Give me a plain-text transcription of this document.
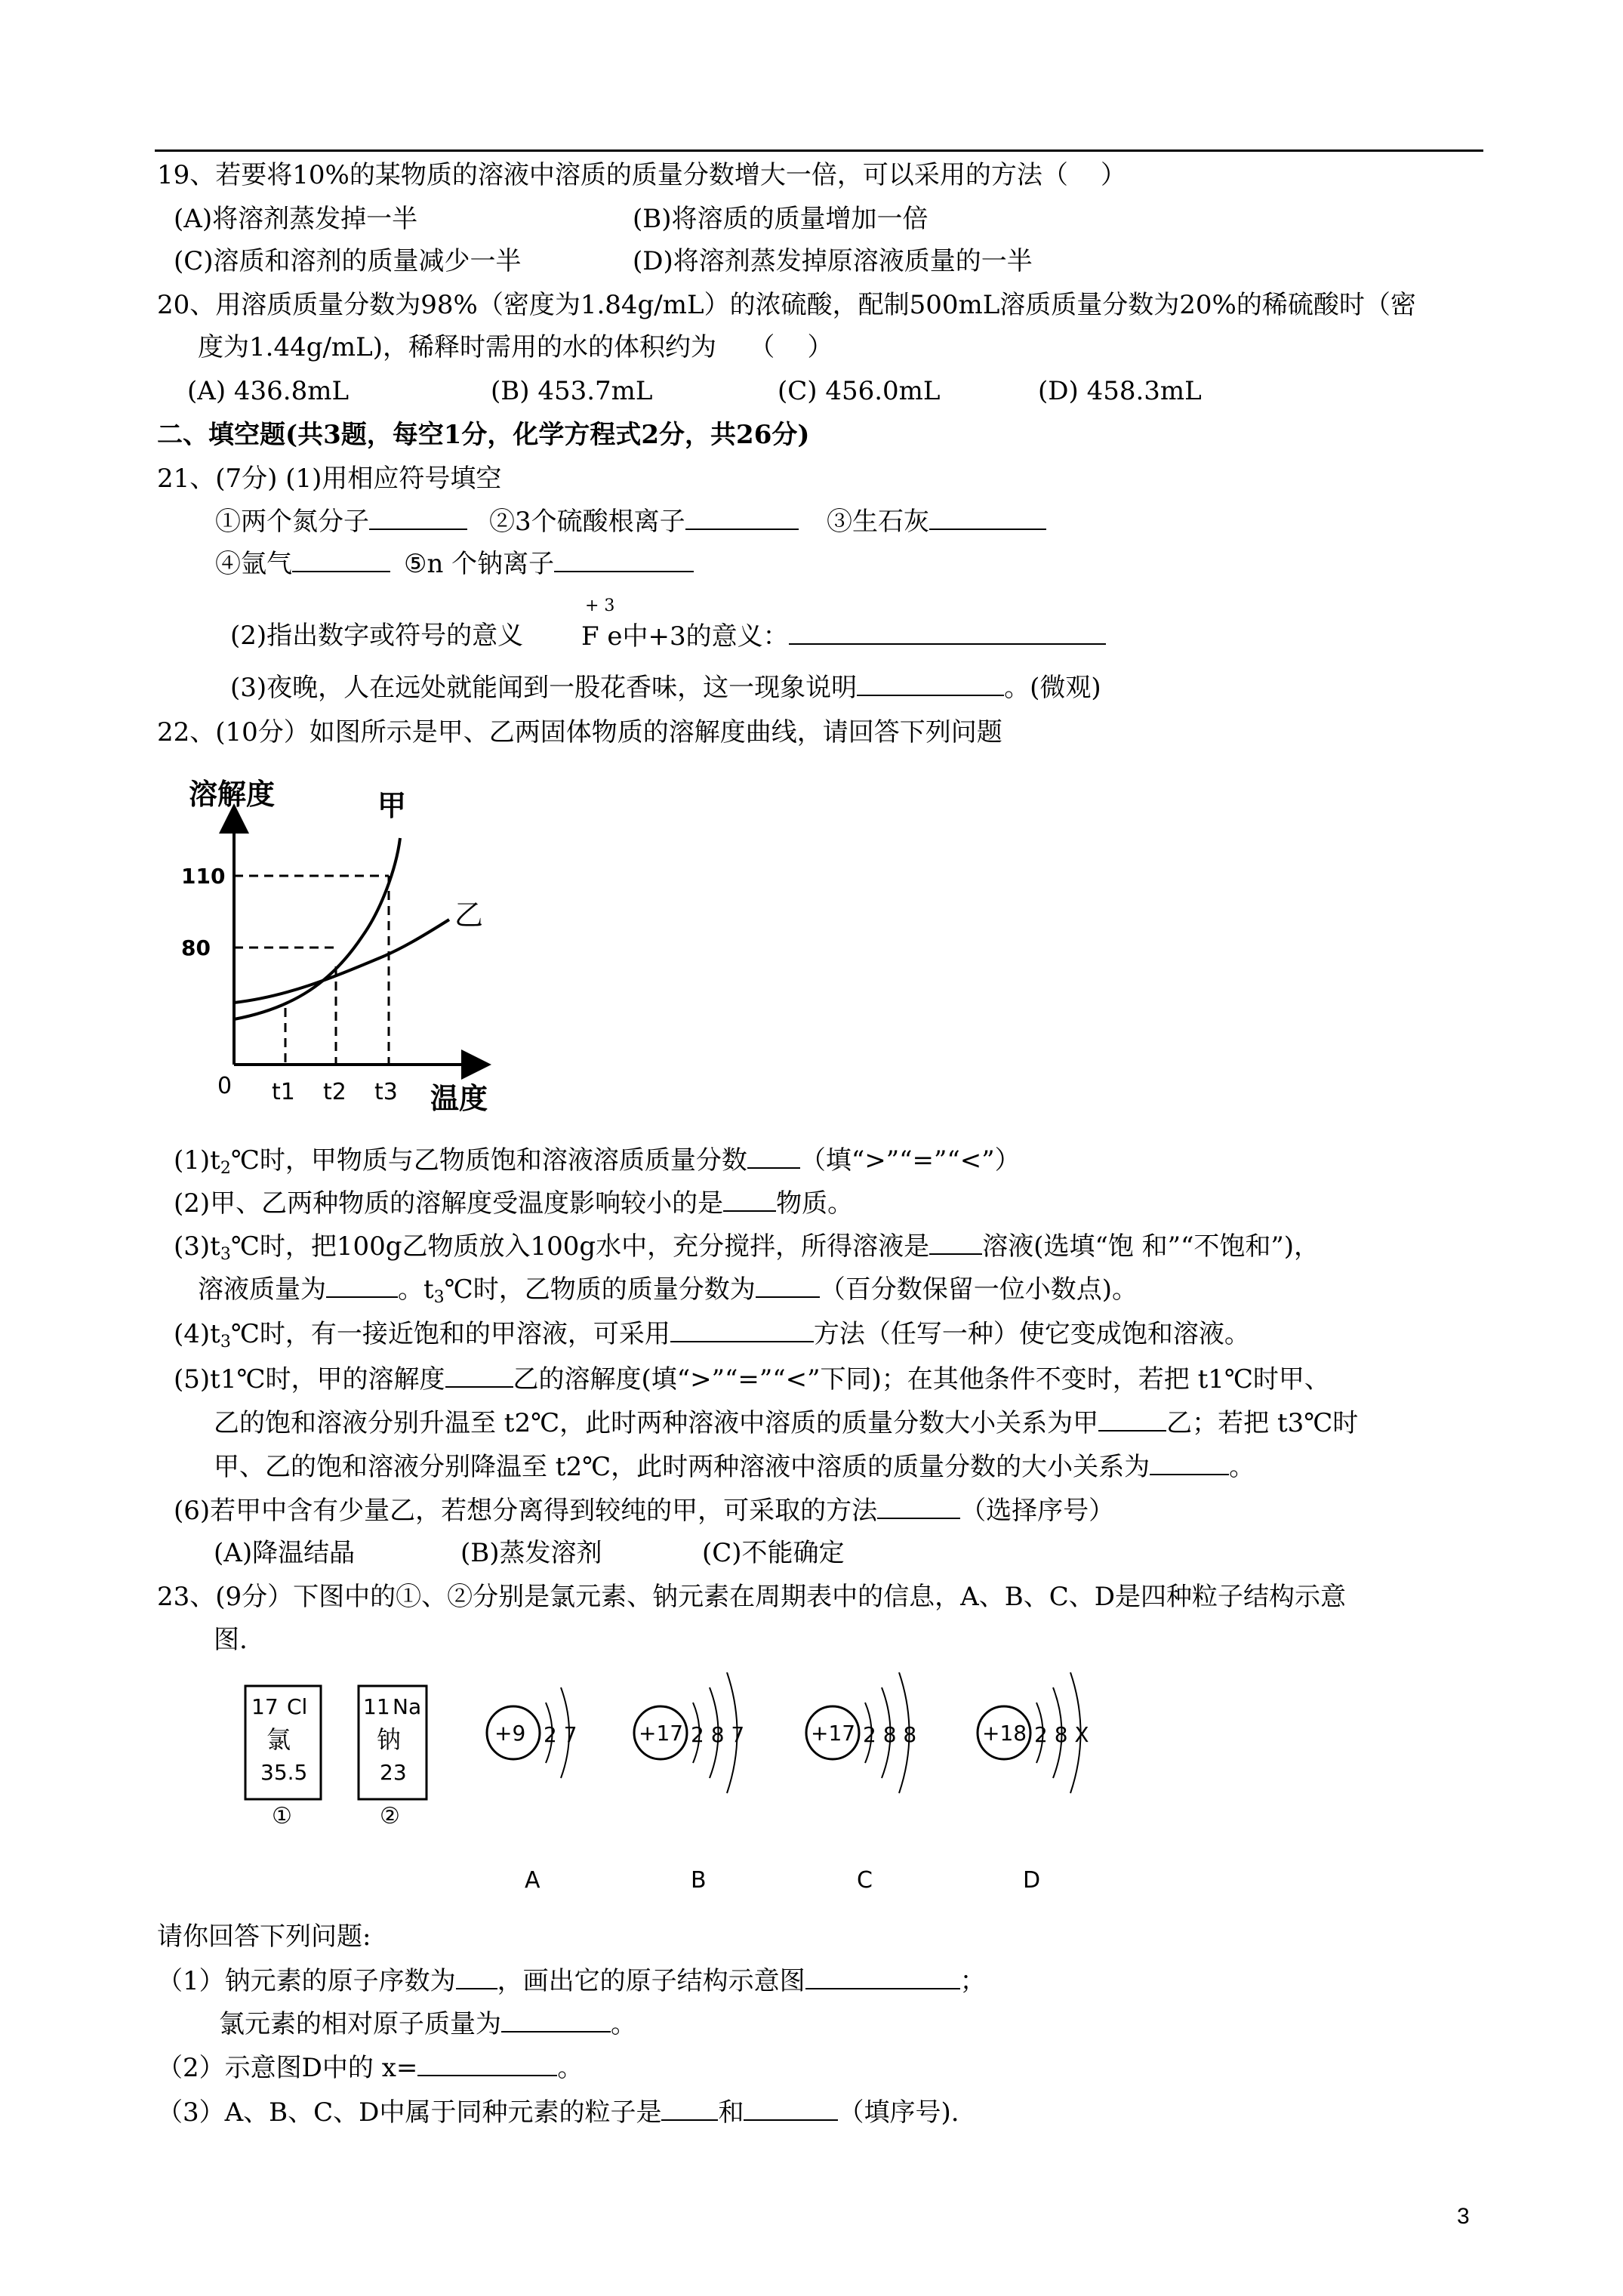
19、若要将10%的某物质的溶液中溶质的质量分数增大一倍，可以采用的方法（    ）
(A)将溶剂蒸发掉一半	(B)将溶质的质量增加一倍
(C)溶质和溶剂的质量减少一半	(D)将溶剂蒸发掉原溶液质量的一半
20、用溶质质量分数为98%（密度为1.84g/mL）的浓硫酸，配制500mL溶质质量分数为20%的稀硫酸时（密
度为1.44g/mL)，稀释时需用的水的体积约为    （    ）
(A) 436.8mL	(B) 453.7mL	(C) 456.0mL	(D) 458.3mL
二、填空题(共3题，每空1分，化学方程式2分，共26分)
21、(7分) (1)用相应符号填空
①两个氮分子	②3个硫酸根离子	③生石灰
④氩气	⑤n 个钠离子
+ 3
(2)指出数字或符号的意义 F e中+3的意义：
(3)夜晚，人在远处就能闻到一股花香味，这一现象说明	。(微观)
22、(10分）如图所示是甲、乙两固体物质的溶解度曲线，请回答下列问题
溶解度	甲
乙
110
80
0 t1 t2 t3 温度
$(1)t_2℃$时，甲物质与乙物质饱和溶液溶质质量分数 （填“>”“=”“<”）
(2)甲、乙两种物质的溶解度受温度影响较小的是 物质。
$(3)t_3℃$时，把100g乙物质放入100g水中，充分搅拌，所得溶液是 溶液(选填“饱 和”“不饱和”)，
溶液质量为	。$t_3℃$时，乙物质的质量分数为	（百分数保留一位小数点)。
$(4)t_3℃$时，有一接近饱和的甲溶液，可采用	方法（任写一种）使它变成饱和溶液。
(5)t1℃时，甲的溶解度	乙的溶解度(填“>”“=”“<”下同)；在其他条件不变时，若把 t1℃时甲、
乙的饱和溶液分别升温至 t2℃，此时两种溶液中溶质的质量分数大小关系为甲	乙；若把 t3℃时
甲、乙的饱和溶液分别降温至 t2℃，此时两种溶液中溶质的质量分数的大小关系为	。
(6)若甲中含有少量乙，若想分离得到较纯的甲，可采取的方法	（选择序号）
(A)降温结晶	(B)蒸发溶剂	(C)不能确定
23、(9分）下图中的①、②分别是氯元素、钠元素在周期表中的信息，A、B、C、D是四种粒子结构示意
图.
17 Cl
氯
35.5
①
11 Na
钠
23
②
+9 2 7
A
+17 2 8 7
B
+17 2 8 8
C
+18 2 8 X
D
请你回答下列问题:
（1）钠元素的原子序数为 ，画出它的原子结构示意图	；
氯元素的相对原子质量为	。
（2）示意图D中的 x=	。
（3）A、B、C、D中属于同种元素的粒子是 和	（填序号).
3
